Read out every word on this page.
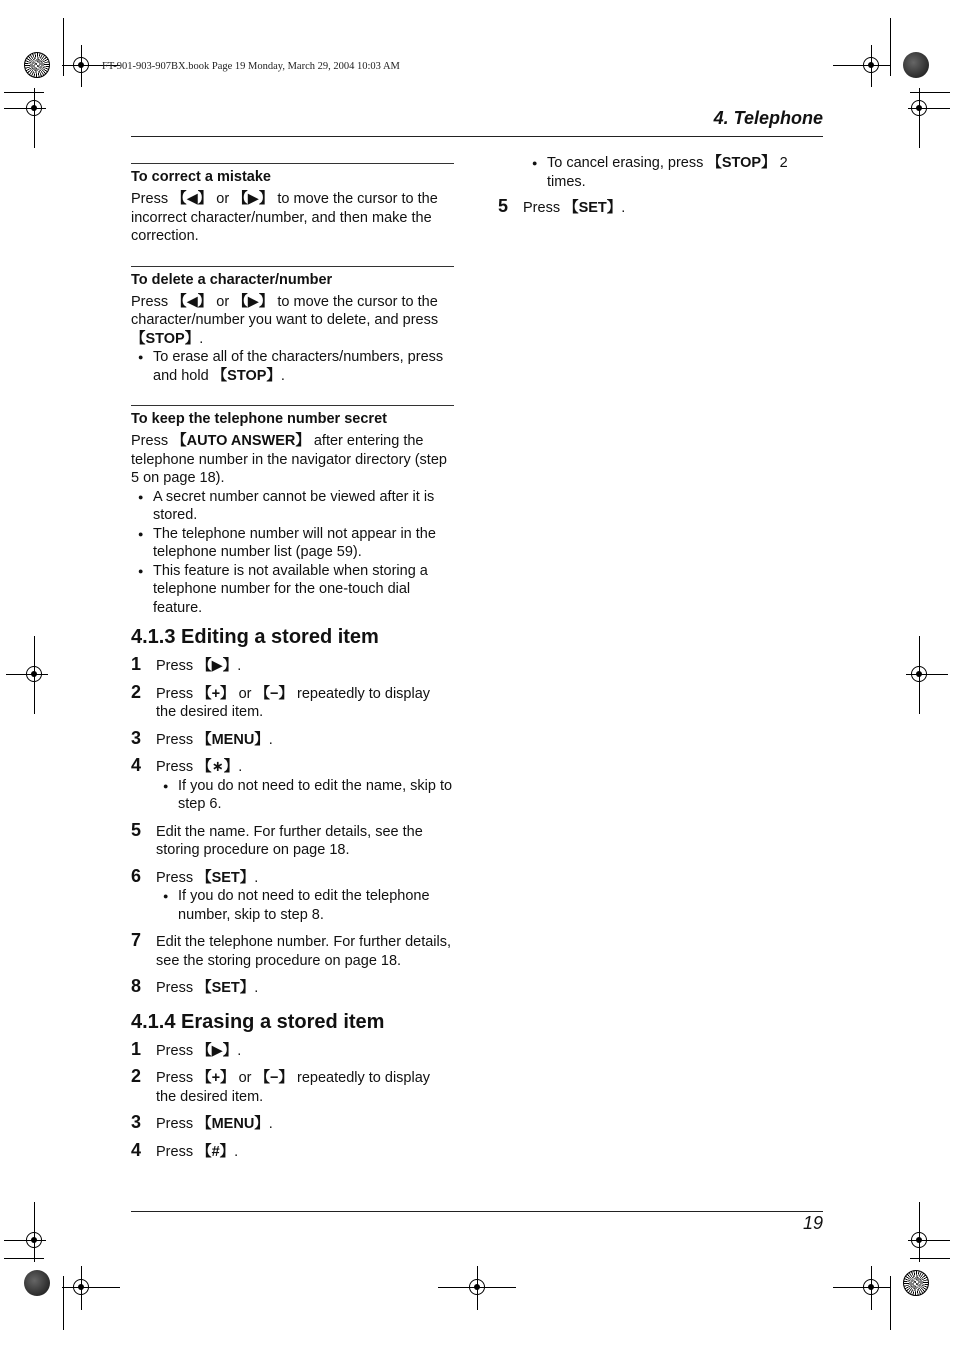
FT-901-903-907BX.book Page 19 Monday, March 29, 2004 10:03 AM
4. Telephone
To correct a mistake

Press 【◀】 or 【▶】 to move the cursor to the incorrect character/number, and then make the correction.

To delete a character/number

Press 【◀】 or 【▶】 to move the cursor to the character/number you want to delete, and press 【STOP】.

● To erase all of the characters/numbers, press and hold 【STOP】.
To keep the telephone number secret

Press 【AUTO ANSWER】 after entering the telephone number in the navigator directory (step 5 on page 18).

● A secret number cannot be viewed after it is stored.
● The telephone number will not appear in the telephone number list (page 59).
● This feature is not available when storing a telephone number for the one-touch dial feature.
4.1.3 Editing a stored item
1 Press 【▶】.
2 Press 【+】 or 【−】 repeatedly to display the desired item.
3 Press 【MENU】.
4 Press 【∗】.
● If you do not need to edit the name, skip to step 6.
5 Edit the name. For further details, see the storing procedure on page 18.
6 Press 【SET】.
● If you do not need to edit the telephone number, skip to step 8.
7 Edit the telephone number. For further details, see the storing procedure on page 18.
8 Press 【SET】.
4.1.4 Erasing a stored item
1 Press 【▶】.
2 Press 【+】 or 【−】 repeatedly to display the desired item.
3 Press 【MENU】.
4 Press 【#】.
● To cancel erasing, press 【STOP】 2 times.
5 Press 【SET】.
19
